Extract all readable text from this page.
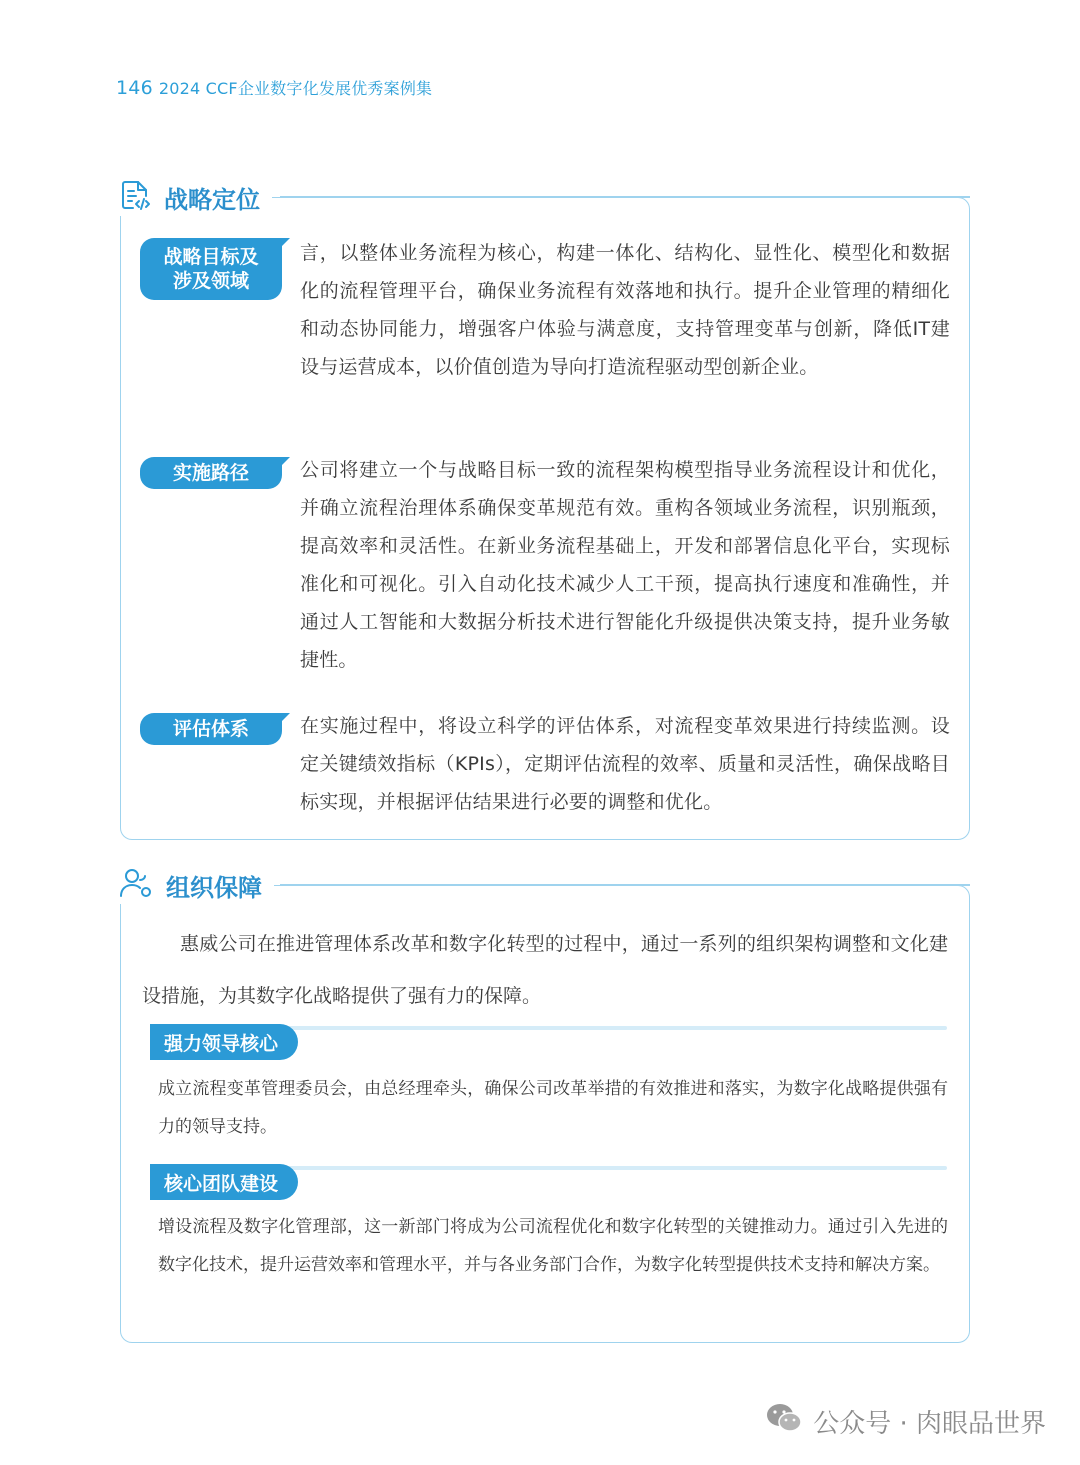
146 2024 CCF企业数字化发展优秀案例集
战略定位
战略目标及
涉及领域
言，以整体业务流程为核心，构建一体化、结构化、显性化、模型化和数据化的流程管理平台，确保业务流程有效落地和执行。提升企业管理的精细化和动态协同能力，增强客户体验与满意度，支持管理变革与创新，降低IT建设与运营成本，以价值创造为导向打造流程驱动型创新企业。
实施路径	公司将建立一个与战略目标一致的流程架构模型指导业务流程设计和优化，并确立流程治理体系确保变革规范有效。重构各领域业务流程，识别瓶颈，提高效率和灵活性。在新业务流程基础上，开发和部署信息化平台，实现标准化和可视化。引入自动化技术减少人工干预，提高执行速度和准确性，并通过人工智能和大数据分析技术进行智能化升级提供决策支持，提升业务敏捷性。
评估体系	在实施过程中，将设立科学的评估体系，对流程变革效果进行持续监测。设定关键绩效指标（KPIs），定期评估流程的效率、质量和灵活性，确保战略目标实现，并根据评估结果进行必要的调整和优化。
组织保障
惠威公司在推进管理体系改革和数字化转型的过程中，通过一系列的组织架构调整和文化建设措施，为其数字化战略提供了强有力的保障。
强力领导核心
成立流程变革管理委员会，由总经理牵头，确保公司改革举措的有效推进和落实，为数字化战略提供强有力的领导支持。
核心团队建设
增设流程及数字化管理部，这一新部门将成为公司流程优化和数字化转型的关键推动力。通过引入先进的数字化技术，提升运营效率和管理水平，并与各业务部门合作，为数字化转型提供技术支持和解决方案。
公众号 · 肉眼品世界
